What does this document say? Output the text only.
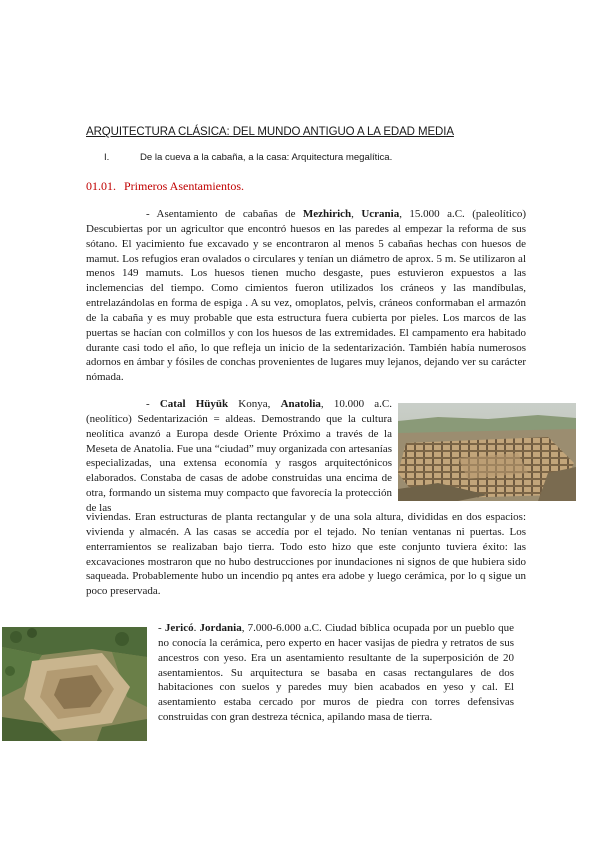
ARQUITECTURA CLÁSICA: DEL MUNDO ANTIGUO A LA EDAD MEDIA
I.	De la cueva a la cabaña, a la casa: Arquitectura megalítica.
01.01. Primeros Asentamientos.
- Asentamiento de cabañas de Mezhirich, Ucrania, 15.000 a.C. (paleolítico) Descubiertas por un agricultor que encontró huesos en las paredes al empezar la reforma de sus sótano. El yacimiento fue excavado y se encontraron al menos 5 cabañas hechas con huesos de mamut. Los refugios eran ovalados o circulares y tenían un diámetro de aprox. 5 m. Se utilizaron al menos 149 mamuts. Los huesos tienen mucho desgaste, pues estuvieron expuestos a las inclemencias del tiempo. Como cimientos fueron utilizados los cráneos y las mandíbulas, entrelazándolas en forma de espiga . A su vez, omoplatos, pelvis, cráneos conformaban el armazón de la cabaña y es muy probable que esta estructura fuera cubierta por pieles. Los marcos de las puertas se hacían con colmillos y con los huesos de las extremidades. El campamento era habitado durante casi todo el año, lo que refleja un inicio de la sedentarización. También había numerosos adornos en ámbar y fósiles de conchas provenientes de lugares muy lejanos, dejando ver su carácter nómada.
- Catal Hüyük Konya, Anatolia, 10.000 a.C. (neolítico) Sedentarización = aldeas. Demostrando que la cultura neolítica avanzó a Europa desde Oriente Próximo a través de la Meseta de Anatolia. Fue una “ciudad” muy organizada con artesanías especializadas, una extensa economía y rasgos arquitectónicos elaborados. Constaba de casas de adobe construidas una encima de otra, formando un sistema muy compacto que favorecía la protección de las
viviendas. Eran estructuras de planta rectangular y de una sola altura, divididas en dos espacios: vivienda y almacén. A las casas se accedía por el tejado. No tenían ventanas ni puertas. Los enterramientos se realizaban bajo tierra. Todo esto hizo que este conjunto tuviera éxito: las excavaciones mostraron que no hubo destrucciones por inundaciones ni signos de que hubiera sido saqueada. Probablemente hubo un incendio pq antes era adobe y luego cerámica, por lo q sigue un poco preservada.
- Jericó. Jordania, 7.000-6.000 a.C. Ciudad bíblica ocupada por un pueblo que no conocía la cerámica, pero experto en hacer vasijas de piedra y retratos de sus ancestros con yeso. Era un asentamiento resultante de la superposición de 20 asentamientos. Su arquitectura se basaba en casas rectangulares de dos habitaciones con suelos y paredes muy bien acabados en yeso y cal. El asentamiento estaba cercado por muros de piedra con torres defensivas construidas con gran destreza técnica, apilando masa de tierra.
